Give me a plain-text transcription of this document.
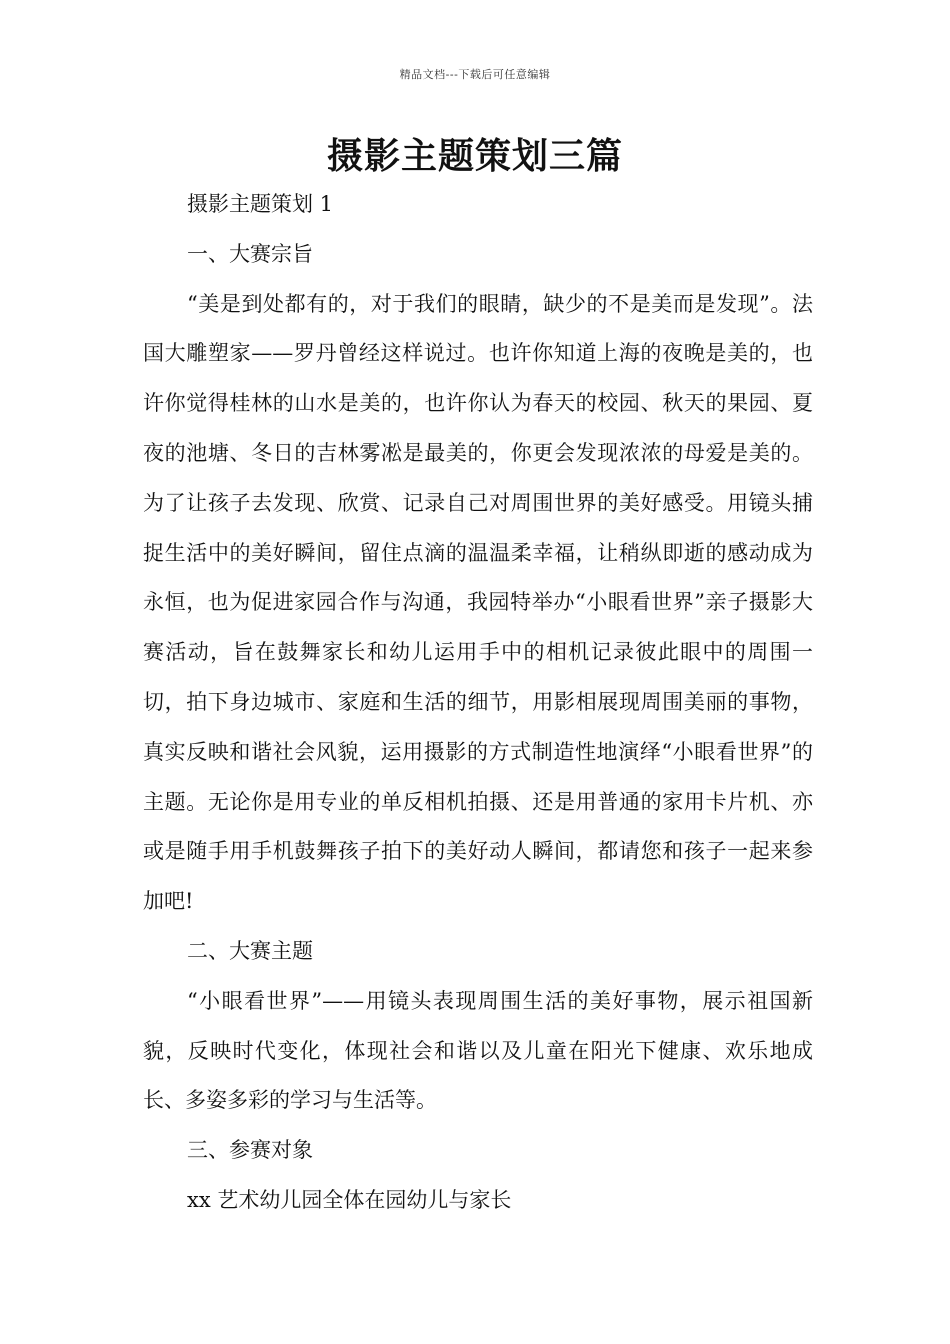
精品文档---下载后可任意编辑
摄影主题策划三篇

摄影主题策划 1

一、大赛宗旨

“美是到处都有的，对于我们的眼睛，缺少的不是美而是发现”。法国大雕塑家——罗丹曾经这样说过。也许你知道上海的夜晚是美的，也许你觉得桂林的山水是美的，也许你认为春天的校园、秋天的果园、夏夜的池塘、冬日的吉林雾凇是最美的，你更会发现浓浓的母爱是美的。为了让孩子去发现、欣赏、记录自己对周围世界的美好感受。用镜头捕捉生活中的美好瞬间，留住点滴的温温柔幸福，让稍纵即逝的感动成为永恒，也为促进家园合作与沟通，我园特举办“小眼看世界”亲子摄影大赛活动，旨在鼓舞家长和幼儿运用手中的相机记录彼此眼中的周围一切，拍下身边城市、家庭和生活的细节，用影相展现周围美丽的事物，真实反映和谐社会风貌，运用摄影的方式制造性地演绎“小眼看世界”的主题。无论你是用专业的单反相机拍摄、还是用普通的家用卡片机、亦或是随手用手机鼓舞孩子拍下的美好动人瞬间，都请您和孩子一起来参加吧!

二、大赛主题

“小眼看世界”——用镜头表现周围生活的美好事物，展示祖国新貌，反映时代变化，体现社会和谐以及儿童在阳光下健康、欢乐地成长、多姿多彩的学习与生活等。

三、参赛对象

xx 艺术幼儿园全体在园幼儿与家长
